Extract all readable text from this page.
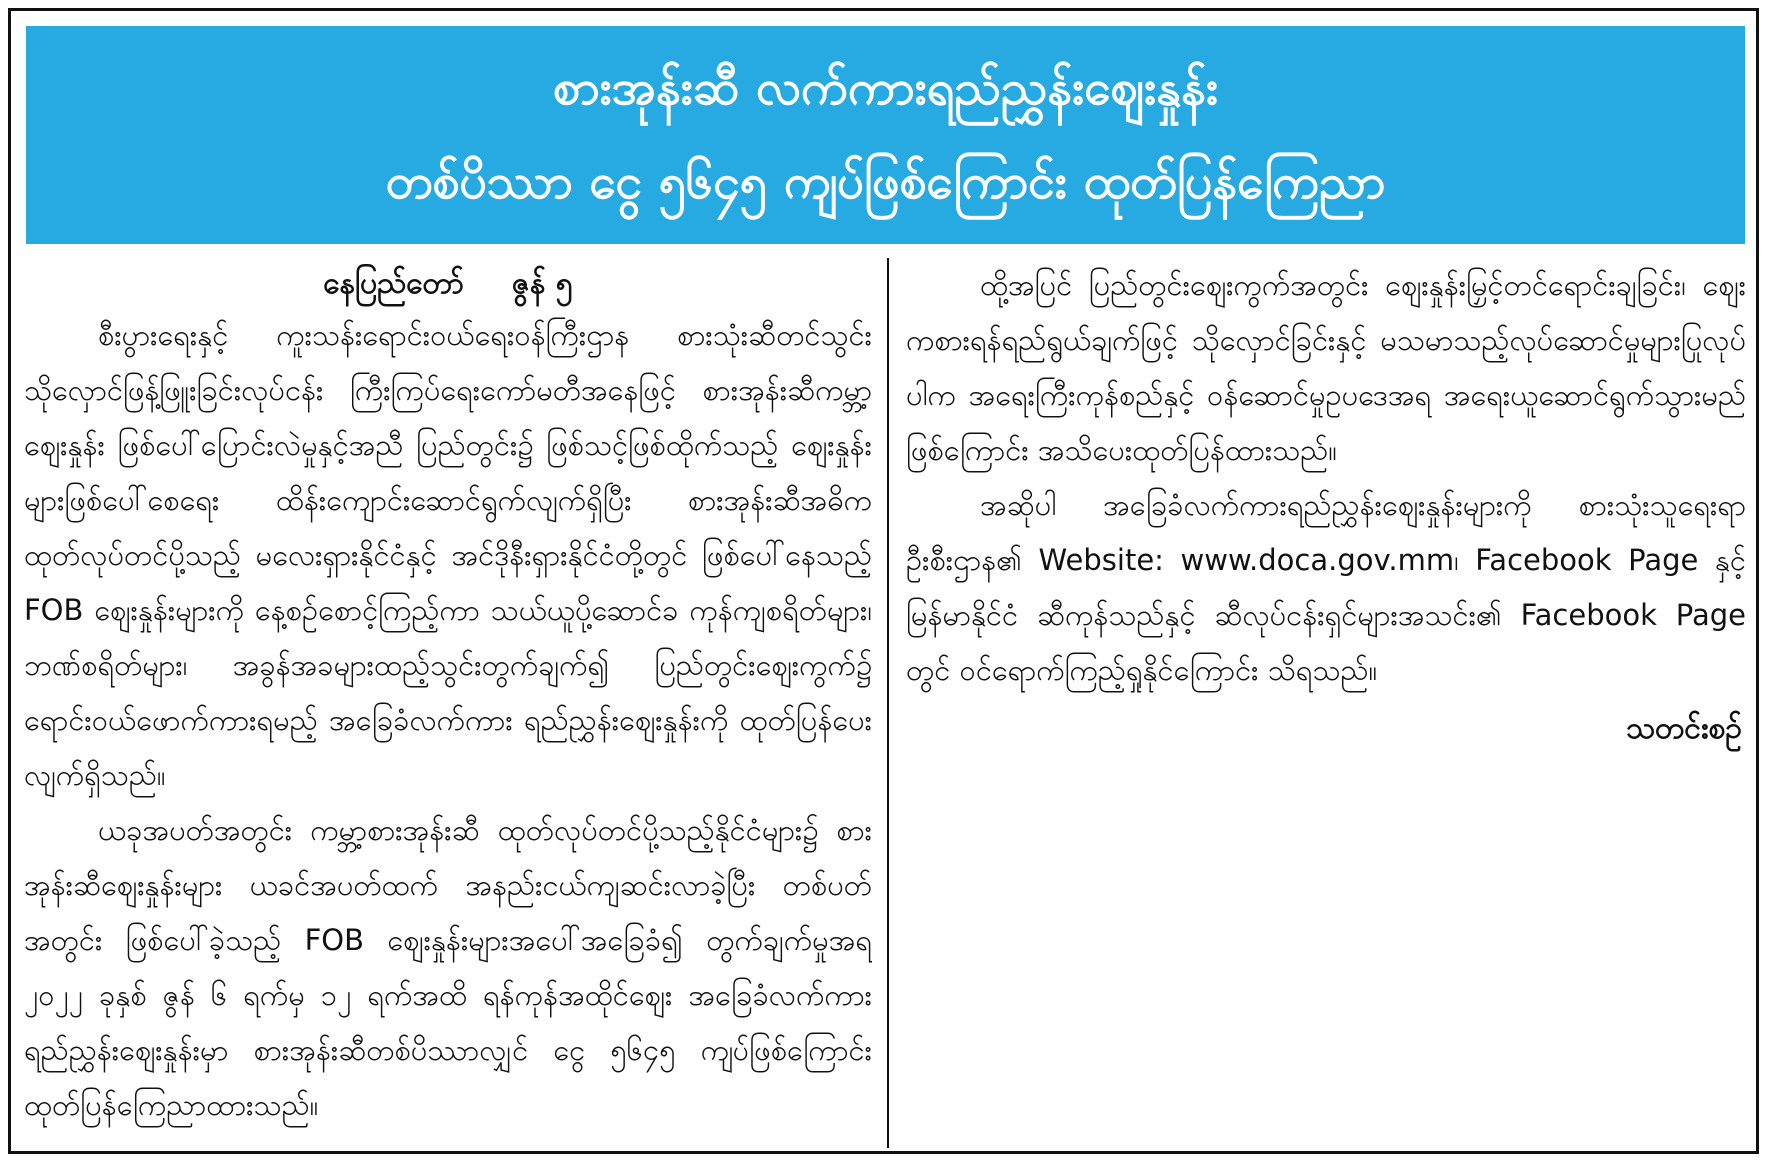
စားအုန်းဆီ လက်ကားရည်ညွှန်းဈေးနှုန်း
တစ်ပိဿာ ငွေ ၅၆၄၅ ကျပ်ဖြစ်ကြောင်း ထုတ်ပြန်ကြေညာ
နေပြည်တော် ဇွန် ၅

စီးပွားရေးနှင့် ကူးသန်းရောင်းဝယ်ရေးဝန်ကြီးဌာန စားသုံးဆီတင်သွင်းသိုလှောင်ဖြန့်ဖြူးခြင်းလုပ်ငန်း ကြီးကြပ်ရေးကော်မတီအနေဖြင့် စားအုန်းဆီကမ္ဘာ့ဈေးနှုန်း ဖြစ်ပေါ်ပြောင်းလဲမှုနှင့်အညီ ပြည်တွင်း၌ ဖြစ်သင့်ဖြစ်ထိုက်သည့် ဈေးနှုန်းများဖြစ်ပေါ်စေရေး ထိန်းကျောင်းဆောင်ရွက်လျက်ရှိပြီး စားအုန်းဆီအဓိကထုတ်လုပ်တင်ပို့သည့် မလေးရှားနိုင်ငံနှင့် အင်ဒိုနီးရှားနိုင်ငံတို့တွင် ဖြစ်ပေါ်နေသည့် FOB ဈေးနှုန်းများကို နေ့စဉ်စောင့်ကြည့်ကာ သယ်ယူပို့ဆောင်ခ ကုန်ကျစရိတ်များ၊ ဘဏ်စရိတ်များ၊ အခွန်အခများထည့်သွင်းတွက်ချက်၍ ပြည်တွင်းဈေးကွက်၌ ရောင်းဝယ်ဖောက်ကားရမည့် အခြေခံလက်ကား ရည်ညွှန်းဈေးနှုန်းကို ထုတ်ပြန်ပေးလျက်ရှိသည်။

ယခုအပတ်အတွင်း ကမ္ဘာ့စားအုန်းဆီ ထုတ်လုပ်တင်ပို့သည့်နိုင်ငံများ၌ စားအုန်းဆီဈေးနှုန်းများ ယခင်အပတ်ထက် အနည်းငယ်ကျဆင်းလာခဲ့ပြီး တစ်ပတ်အတွင်း ဖြစ်ပေါ်ခဲ့သည့် FOB ဈေးနှုန်းများအပေါ်အခြေခံ၍ တွက်ချက်မှုအရ ၂၀၂၂ ခုနှစ် ဇွန် ၆ ရက်မှ ၁၂ ရက်အထိ ရန်ကုန်အထိုင်ဈေး အခြေခံလက်ကား ရည်ညွှန်းဈေးနှုန်းမှာ စားအုန်းဆီတစ်ပိဿာလျှင် ငွေ ၅၆၄၅ ကျပ်ဖြစ်ကြောင်း ထုတ်ပြန်ကြေညာထားသည်။

ထို့အပြင် ပြည်တွင်းဈေးကွက်အတွင်း ဈေးနှုန်းမြှင့်တင်ရောင်းချခြင်း၊ ဈေးကစားရန်ရည်ရွယ်ချက်ဖြင့် သိုလှောင်ခြင်းနှင့် မသမာသည့်လုပ်ဆောင်မှုများပြုလုပ်ပါက အရေးကြီးကုန်စည်နှင့် ဝန်ဆောင်မှုဥပဒေအရ အရေးယူဆောင်ရွက်သွားမည်ဖြစ်ကြောင်း အသိပေးထုတ်ပြန်ထားသည်။

အဆိုပါ အခြေခံလက်ကားရည်ညွှန်းဈေးနှုန်းများကို စားသုံးသူရေးရာဦးစီးဌာန၏ Website: www.doca.gov.mm၊ Facebook Page နှင့် မြန်မာနိုင်ငံ ဆီကုန်သည်နှင့် ဆီလုပ်ငန်းရှင်များအသင်း၏ Facebook Page တွင် ဝင်ရောက်ကြည့်ရှုနိုင်ကြောင်း သိရသည်။

သတင်းစဉ်
